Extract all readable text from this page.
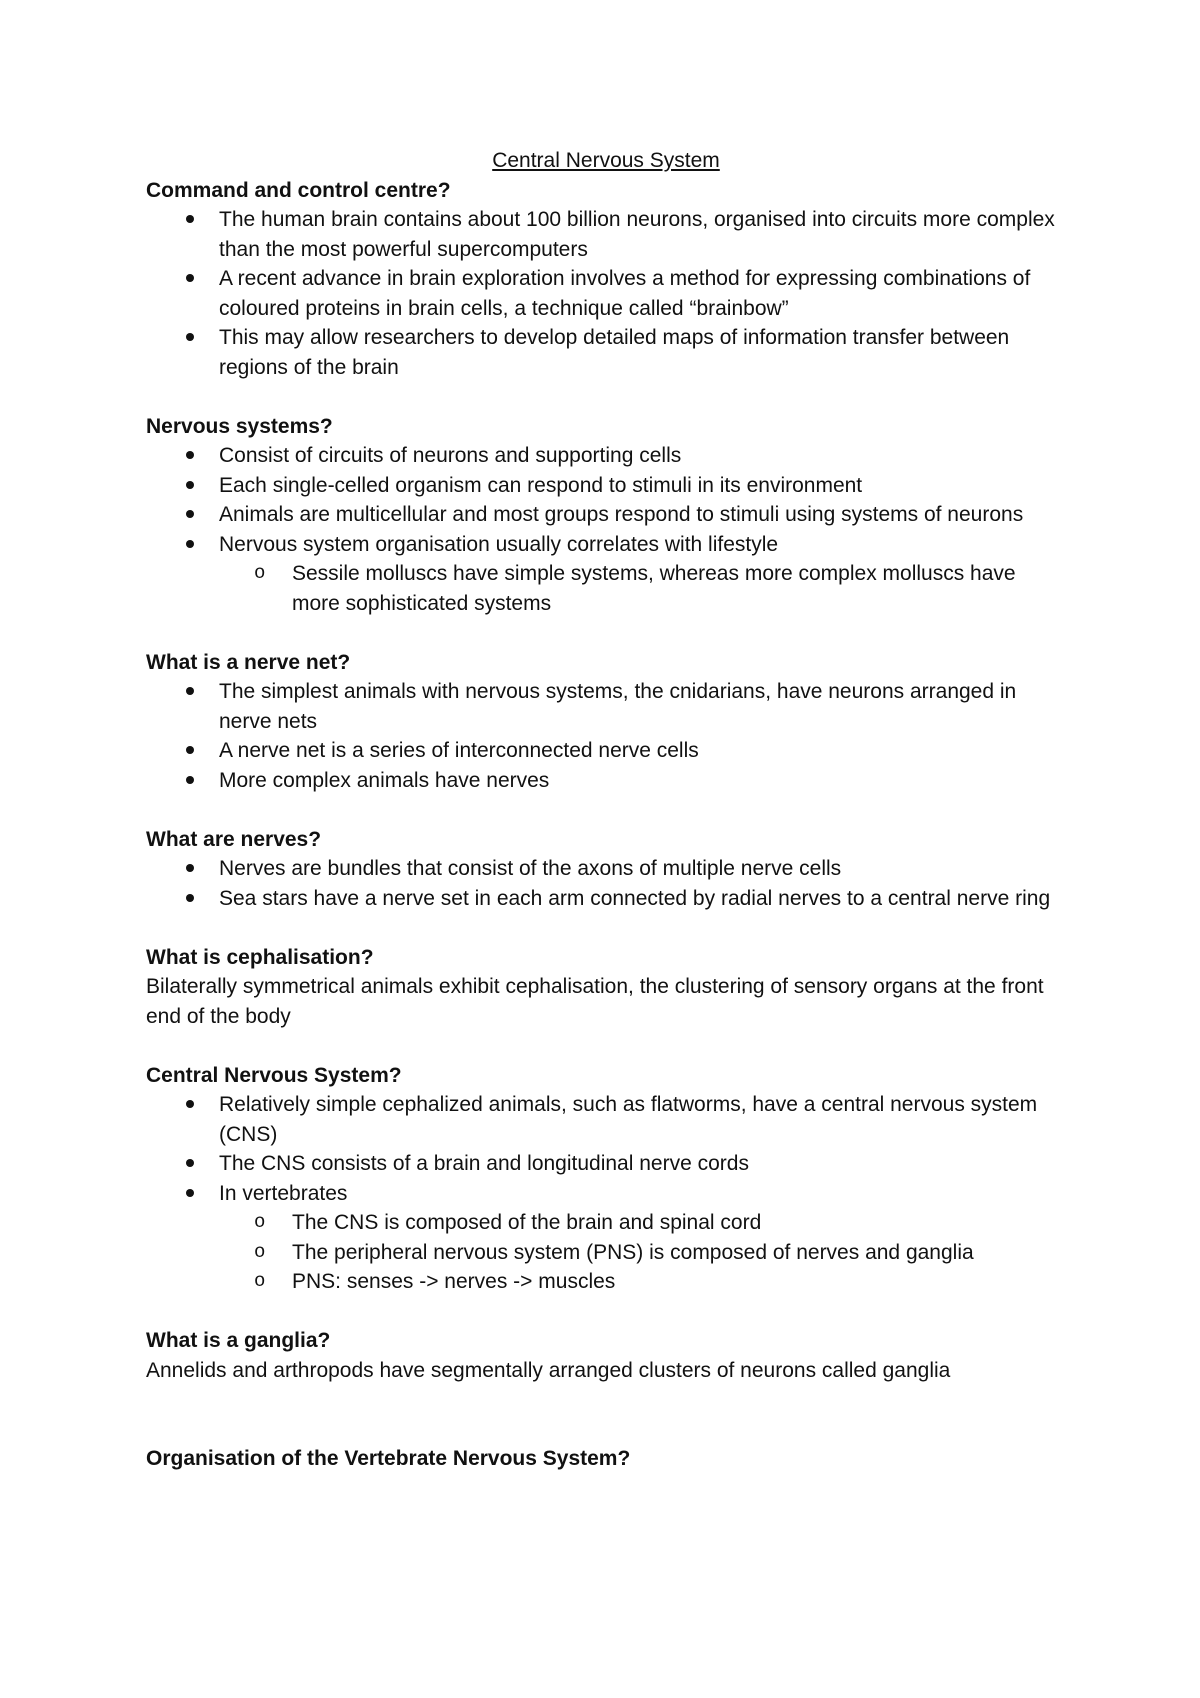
Central Nervous System

Command and control centre?

The human brain contains about 100 billion neurons, organised into circuits more complex than the most powerful supercomputers
A recent advance in brain exploration involves a method for expressing combinations of coloured proteins in brain cells, a technique called “brainbow”
This may allow researchers to develop detailed maps of information transfer between regions of the brain

Nervous systems?

Consist of circuits of neurons and supporting cells
Each single-celled organism can respond to stimuli in its environment
Animals are multicellular and most groups respond to stimuli using systems of neurons
Nervous system organisation usually correlates with lifestyle
o Sessile molluscs have simple systems, whereas more complex molluscs have more sophisticated systems

What is a nerve net?

The simplest animals with nervous systems, the cnidarians, have neurons arranged in nerve nets
A nerve net is a series of interconnected nerve cells
More complex animals have nerves

What are nerves?

Nerves are bundles that consist of the axons of multiple nerve cells
Sea stars have a nerve set in each arm connected by radial nerves to a central nerve ring

What is cephalisation?

Bilaterally symmetrical animals exhibit cephalisation, the clustering of sensory organs at the front end of the body

Central Nervous System?

Relatively simple cephalized animals, such as flatworms, have a central nervous system (CNS)
The CNS consists of a brain and longitudinal nerve cords
In vertebrates
o The CNS is composed of the brain and spinal cord
o The peripheral nervous system (PNS) is composed of nerves and ganglia
o PNS: senses -> nerves -> muscles

What is a ganglia?

Annelids and arthropods have segmentally arranged clusters of neurons called ganglia

Organisation of the Vertebrate Nervous System?
